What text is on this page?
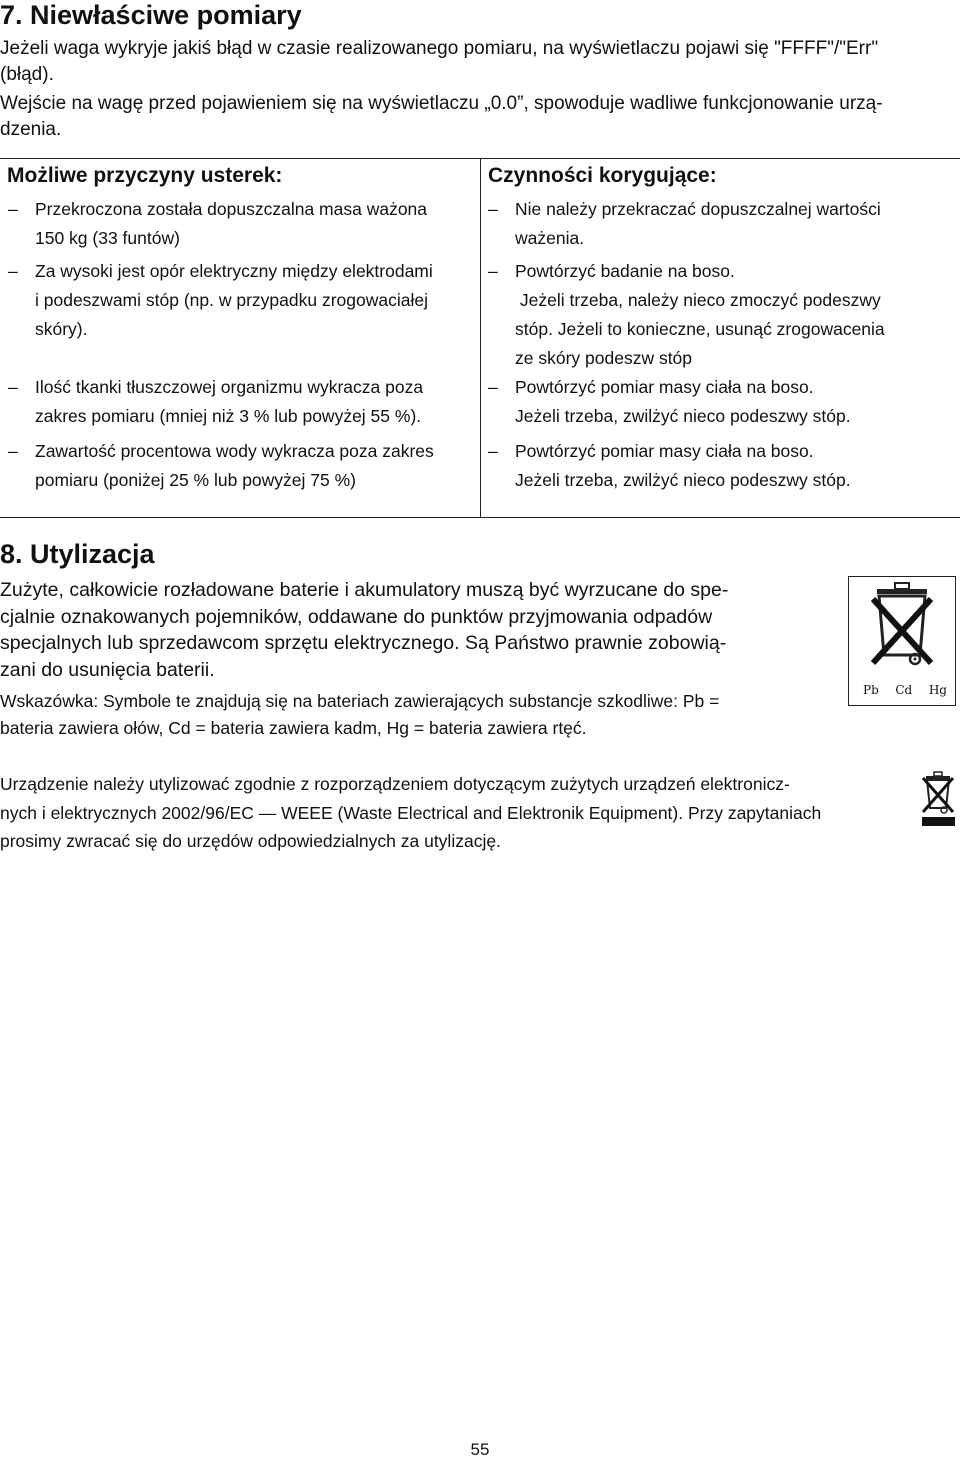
7. Niewłaściwe pomiary

Jeżeli waga wykryje jakiś błąd w czasie realizowanego pomiaru, na wyświetlaczu pojawi się "FFFF"/"Err"

(błąd).

Wejście na wagę przed pojawieniem się na wyświetlaczu „0.0”, spowoduje wadliwe funkcjonowanie urzą-

dzenia.

Możliwe przyczyny usterek:	Czynności korygujące:
– Przekroczona została dopuszczalna masa ważona
150 kg (33 funtów)
– Za wysoki jest opór elektryczny między elektrodami
i podeszwami stóp (np. w przypadku zrogowaciałej
skóry).
– Ilość tkanki tłuszczowej organizmu wykracza poza
zakres pomiaru (mniej niż 3 % lub powyżej 55 %).
– Zawartość procentowa wody wykracza poza zakres
pomiaru (poniżej 25 % lub powyżej 75 %)
– Nie należy przekraczać dopuszczalnej wartości
ważenia.
– Powtórzyć badanie na boso.
Jeżeli trzeba, należy nieco zmoczyć podeszwy
stóp. Jeżeli to konieczne, usunąć zrogowacenia
ze skóry podeszw stóp
– Powtórzyć pomiar masy ciała na boso.
Jeżeli trzeba, zwilżyć nieco podeszwy stóp.
– Powtórzyć pomiar masy ciała na boso.
Jeżeli trzeba, zwilżyć nieco podeszwy stóp.
8. Utylizacja

Zużyte, całkowicie rozładowane baterie i akumulatory muszą być wyrzucane do spe-

cjalnie oznakowanych pojemników, oddawane do punktów przyjmowania odpadów

specjalnych lub sprzedawcom sprzętu elektrycznego. Są Państwo prawnie zobowią-

zani do usunięcia baterii.

Wskazówka: Symbole te znajdują się na bateriach zawierających substancje szkodliwe: Pb =

bateria zawiera ołów, Cd = bateria zawiera kadm, Hg = bateria zawiera rtęć.

Pb Cd Hg

Urządzenie należy utylizować zgodnie z rozporządzeniem dotyczącym zużytych urządzeń elektronicz-

nych i elektrycznych 2002/96/EC — WEEE (Waste Electrical and Elektronik Equipment). Przy zapytaniach

prosimy zwracać się do urzędów odpowiedzialnych za utylizację.

55
